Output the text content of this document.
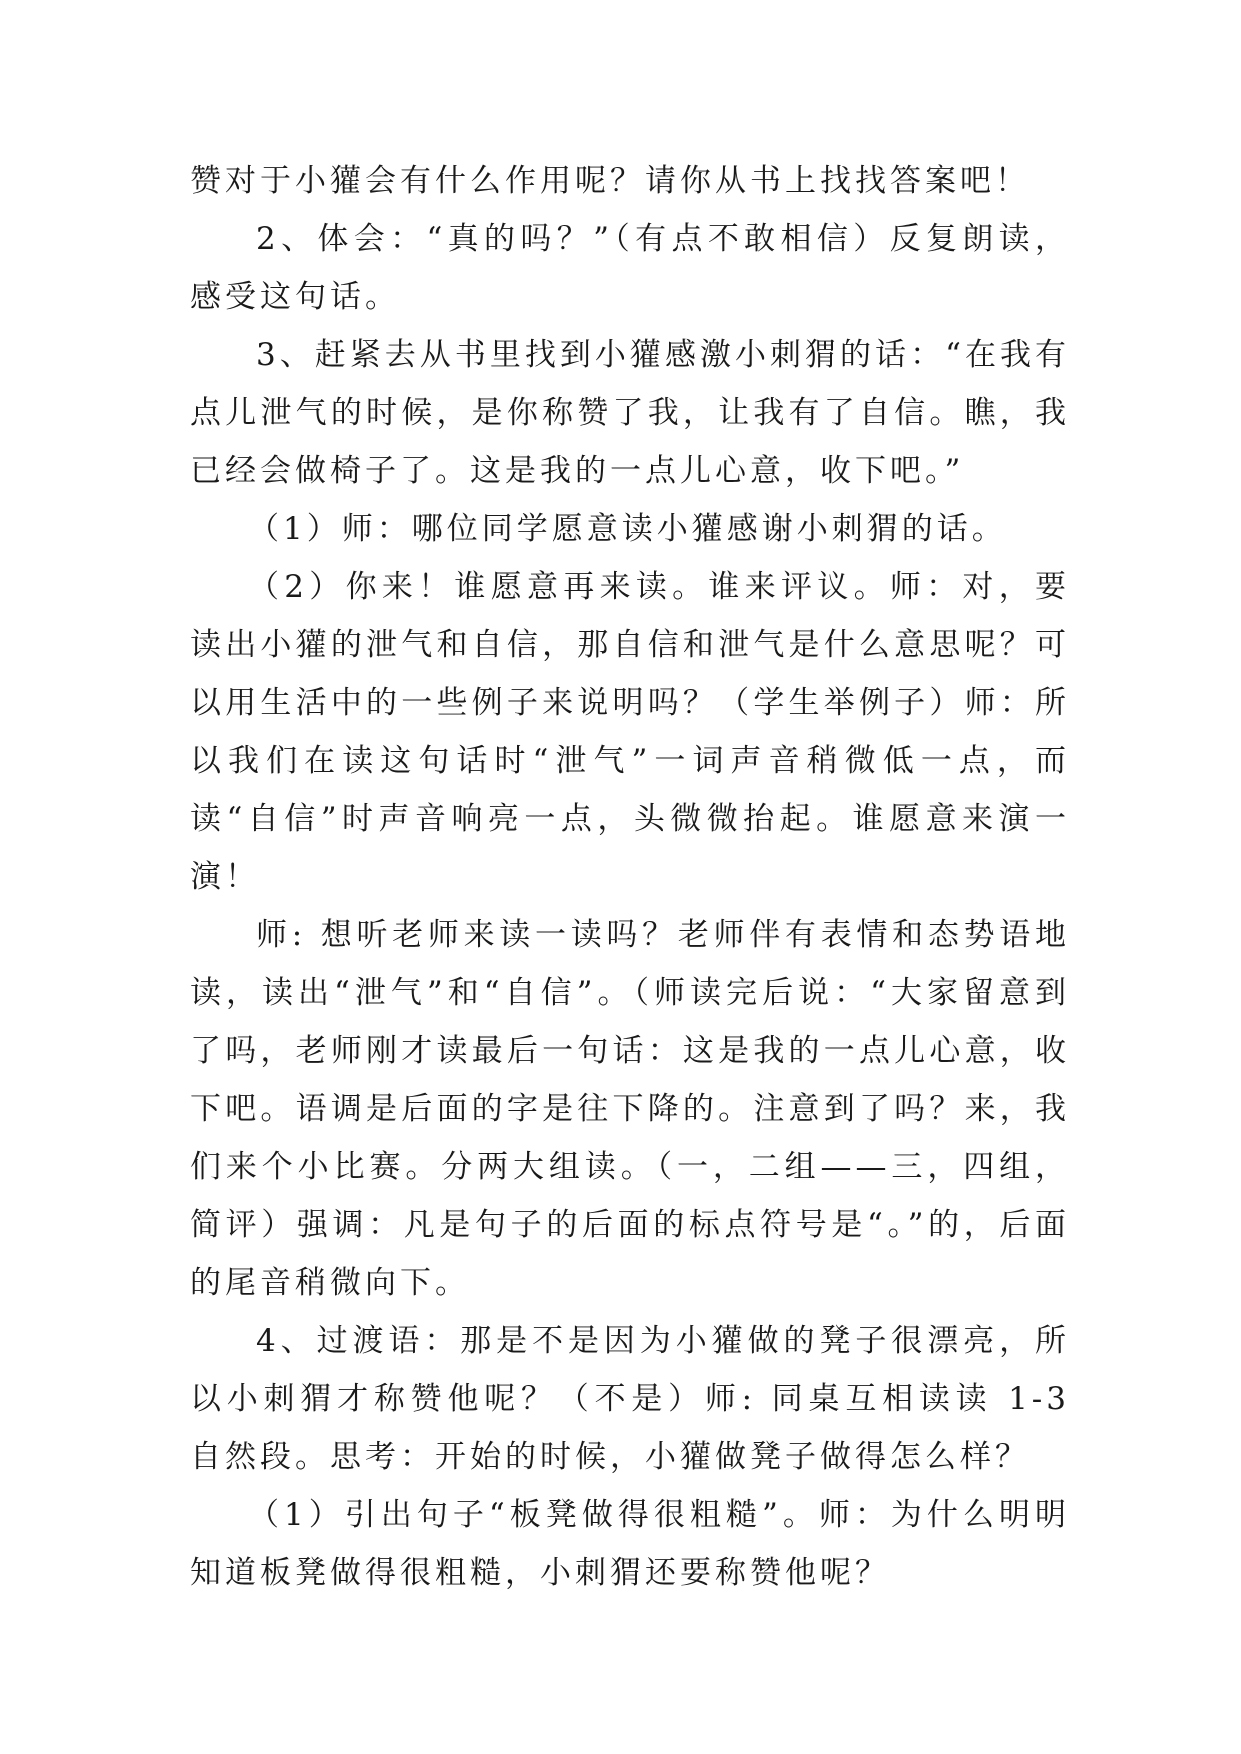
赞对于小獾会有什么作用呢？请你从书上找找答案吧！

2、体会：“真的吗？”（有点不敢相信）反复朗读，感受这句话。

3、赶紧去从书里找到小獾感激小刺猬的话：“在我有点儿泄气的时候，是你称赞了我，让我有了自信。瞧，我已经会做椅子了。这是我的一点儿心意，收下吧。”

（1）师：哪位同学愿意读小獾感谢小刺猬的话。

（2）你来！谁愿意再来读。谁来评议。师：对，要读出小獾的泄气和自信，那自信和泄气是什么意思呢？可以用生活中的一些例子来说明吗？（学生举例子）师：所以我们在读这句话时“泄气”一词声音稍微低一点，而读“自信”时声音响亮一点，头微微抬起。谁愿意来演一演！

师: 想听老师来读一读吗？老师伴有表情和态势语地读，读出“泄气”和“自信”。（师读完后说：“大家留意到了吗，老师刚才读最后一句话：这是我的一点儿心意，收下吧。语调是后面的字是往下降的。注意到了吗？来，我们来个小比赛。分两大组读。（一，二组——三，四组，简评）强调：凡是句子的后面的标点符号是“。”的，后面的尾音稍微向下。

4、过渡语：那是不是因为小獾做的凳子很漂亮，所以小刺猬才称赞他呢？（不是）师: 同桌互相读读 1-3 自然段。思考：开始的时候，小獾做凳子做得怎么样？

（1）引出句子“板凳做得很粗糙”。师：为什么明明知道板凳做得很粗糙，小刺猬还要称赞他呢？
